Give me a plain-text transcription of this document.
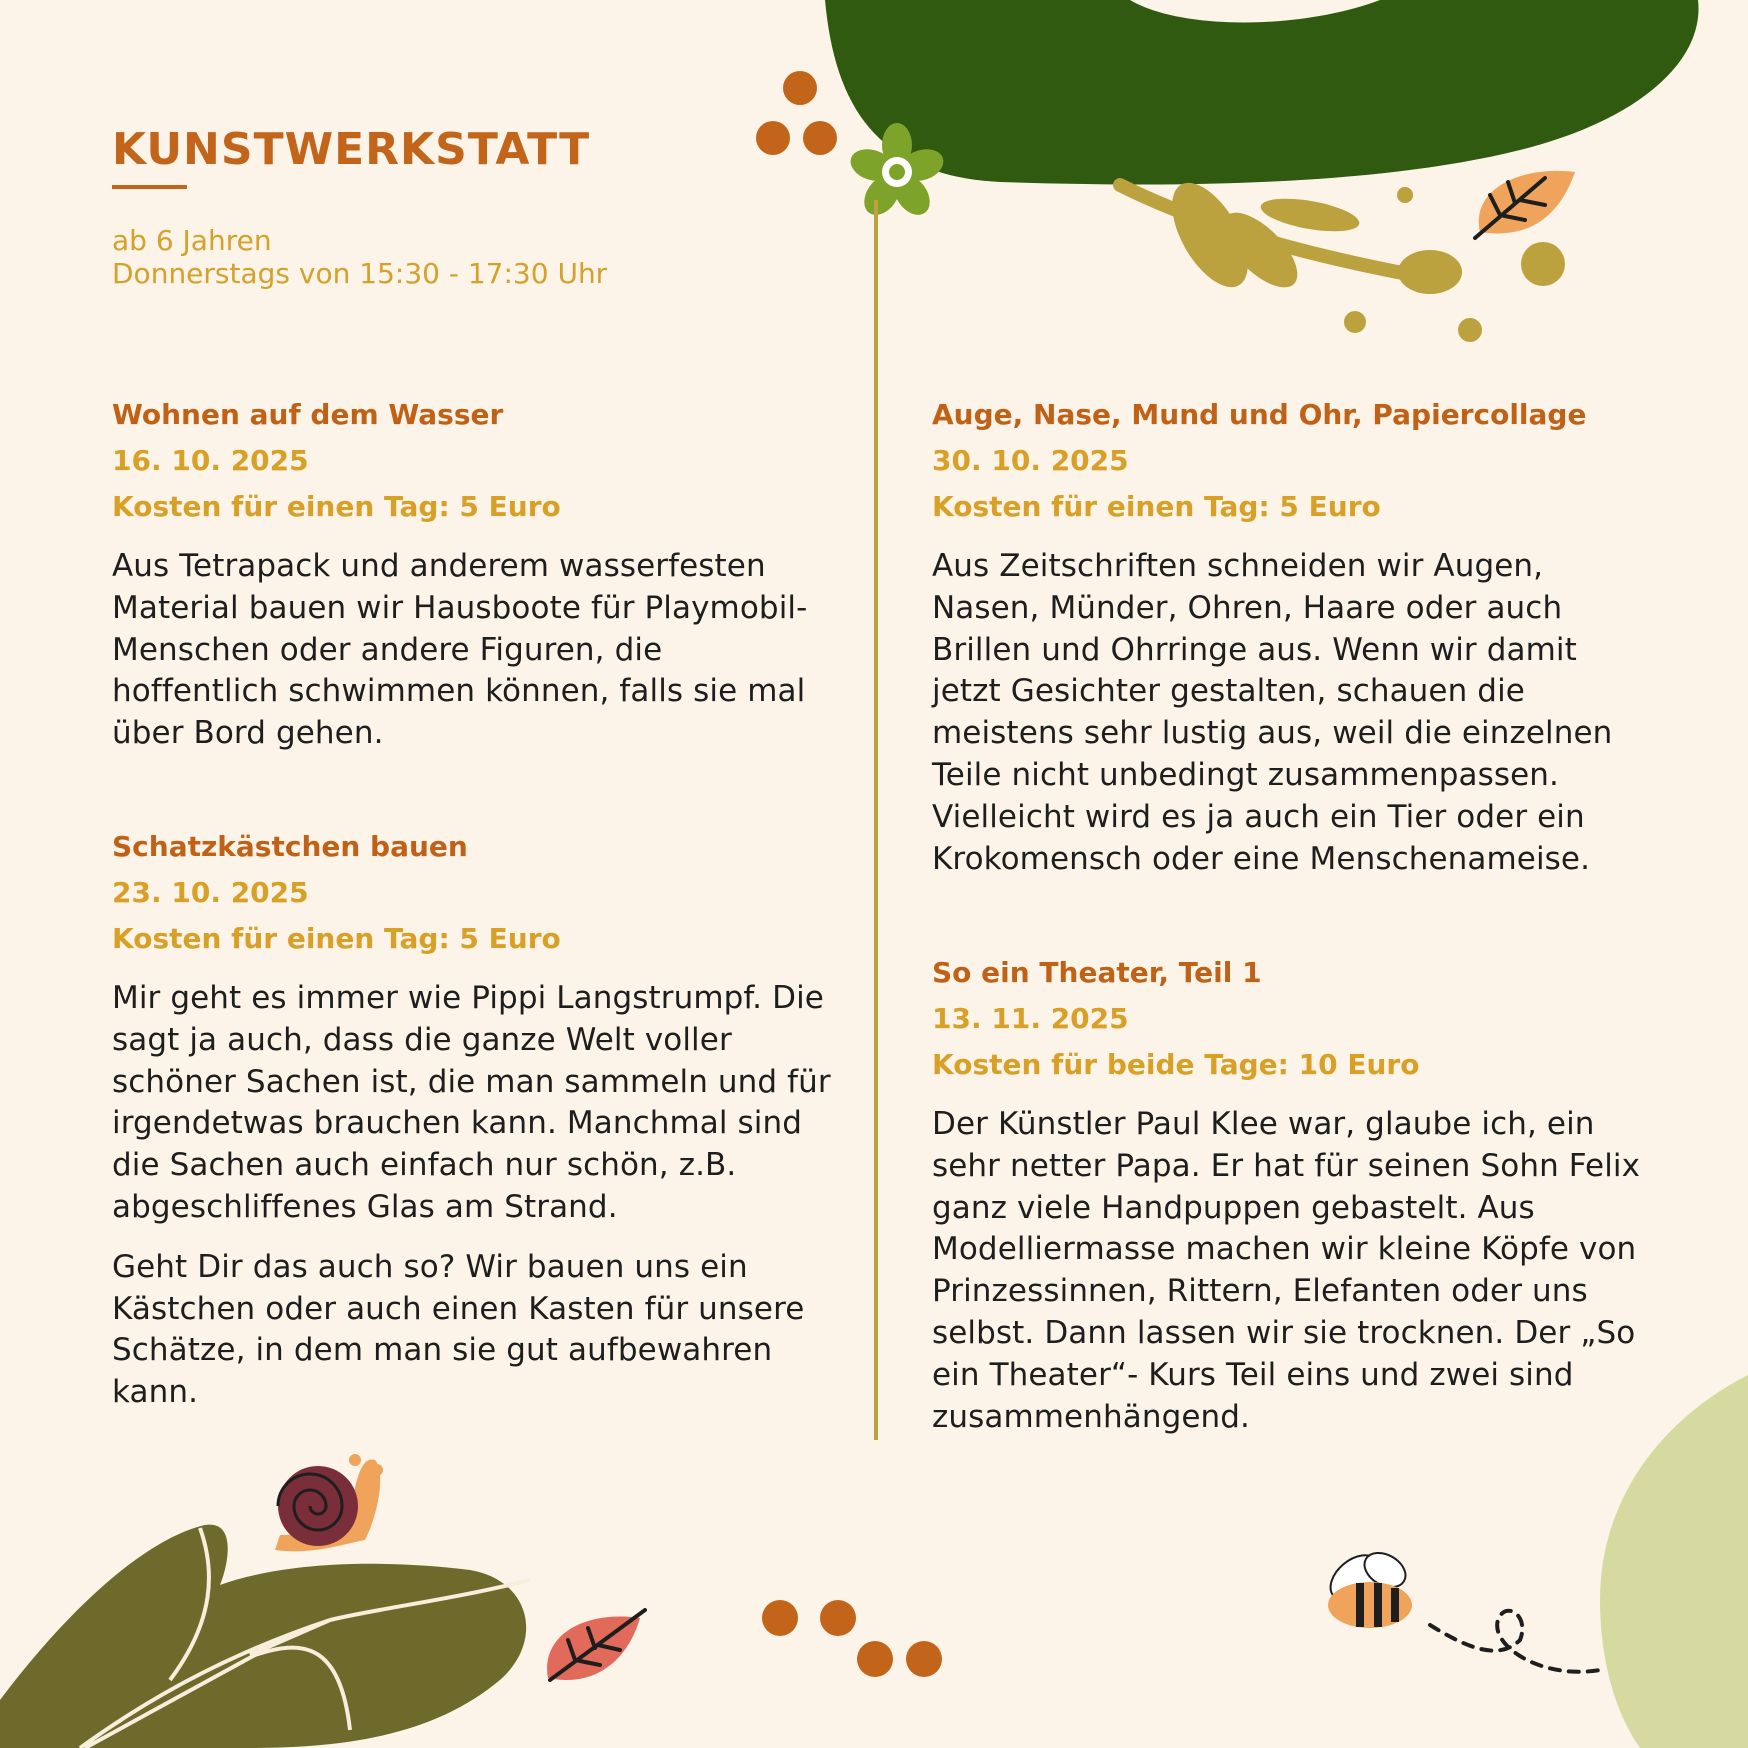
KUNSTWERKSTATT

ab 6 Jahren

Donnerstags von 15:30 - 17:30 Uhr

Wohnen auf dem Wasser

16. 10. 2025

Kosten für einen Tag: 5 Euro

Aus Tetrapack und anderem wasserfesten Material bauen wir Hausboote für Playmobil- Menschen oder andere Figuren, die hoffentlich schwimmen können, falls sie mal über Bord gehen.

Schatzkästchen bauen

23. 10. 2025

Kosten für einen Tag: 5 Euro

Mir geht es immer wie Pippi Langstrumpf. Die sagt ja auch, dass die ganze Welt voller schöner Sachen ist, die man sammeln und für irgendetwas brauchen kann. Manchmal sind die Sachen auch einfach nur schön, z.B. abgeschliffenes Glas am Strand.

Geht Dir das auch so? Wir bauen uns ein Kästchen oder auch einen Kasten für unsere Schätze, in dem man sie gut aufbewahren kann.

Auge, Nase, Mund und Ohr, Papiercollage

30. 10. 2025

Kosten für einen Tag: 5 Euro

Aus Zeitschriften schneiden wir Augen, Nasen, Münder, Ohren, Haare oder auch Brillen und Ohrringe aus. Wenn wir damit jetzt Gesichter gestalten, schauen die meistens sehr lustig aus, weil die einzelnen Teile nicht unbedingt zusammenpassen. Vielleicht wird es ja auch ein Tier oder ein Krokomensch oder eine Menschenameise.

So ein Theater, Teil 1

13. 11. 2025

Kosten für beide Tage: 10 Euro

Der Künstler Paul Klee war, glaube ich, ein sehr netter Papa. Er hat für seinen Sohn Felix ganz viele Handpuppen gebastelt. Aus Modelliermasse machen wir kleine Köpfe von Prinzessinnen, Rittern, Elefanten oder uns selbst. Dann lassen wir sie trocknen. Der „So ein Theater“- Kurs Teil eins und zwei sind zusammenhängend.
